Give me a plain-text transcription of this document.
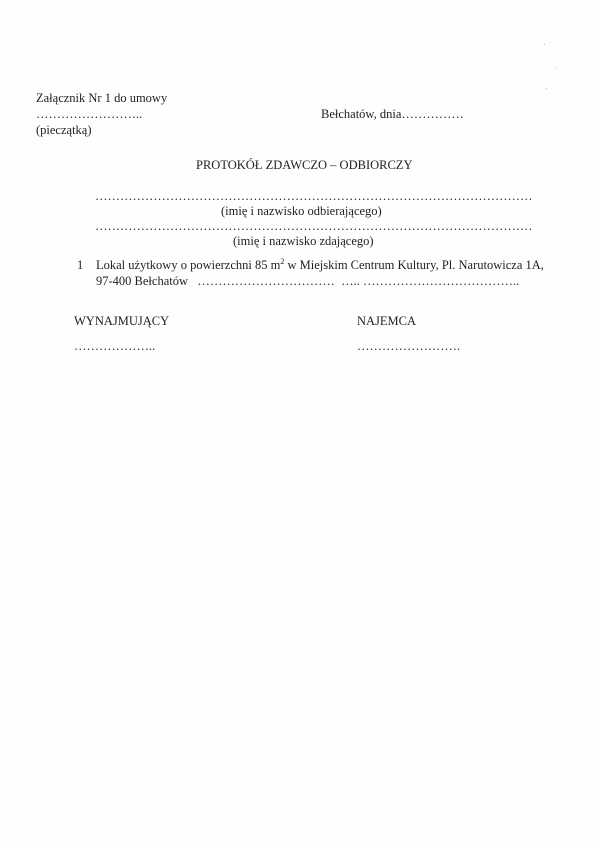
Załącznik Nr 1 do umowy
……………………..
(pieczątką)
Bełchatów, dnia……………
PROTOKÓŁ ZDAWCZO – ODBIORCZY
……………………………………………………………………………………………
(imię i nazwisko odbierającego)
……………………………………………………………………………………………
(imię i nazwisko zdającego)
1 Lokal użytkowy o powierzchni 85 $m^2$ w Miejskim Centrum Kultury, Pl. Narutowicza 1A,
97-400 Bełchatów   ……………………………  ….. ………………………………..
WYNAJMUJĄCY
………………..
NAJEMCA
…………………….
